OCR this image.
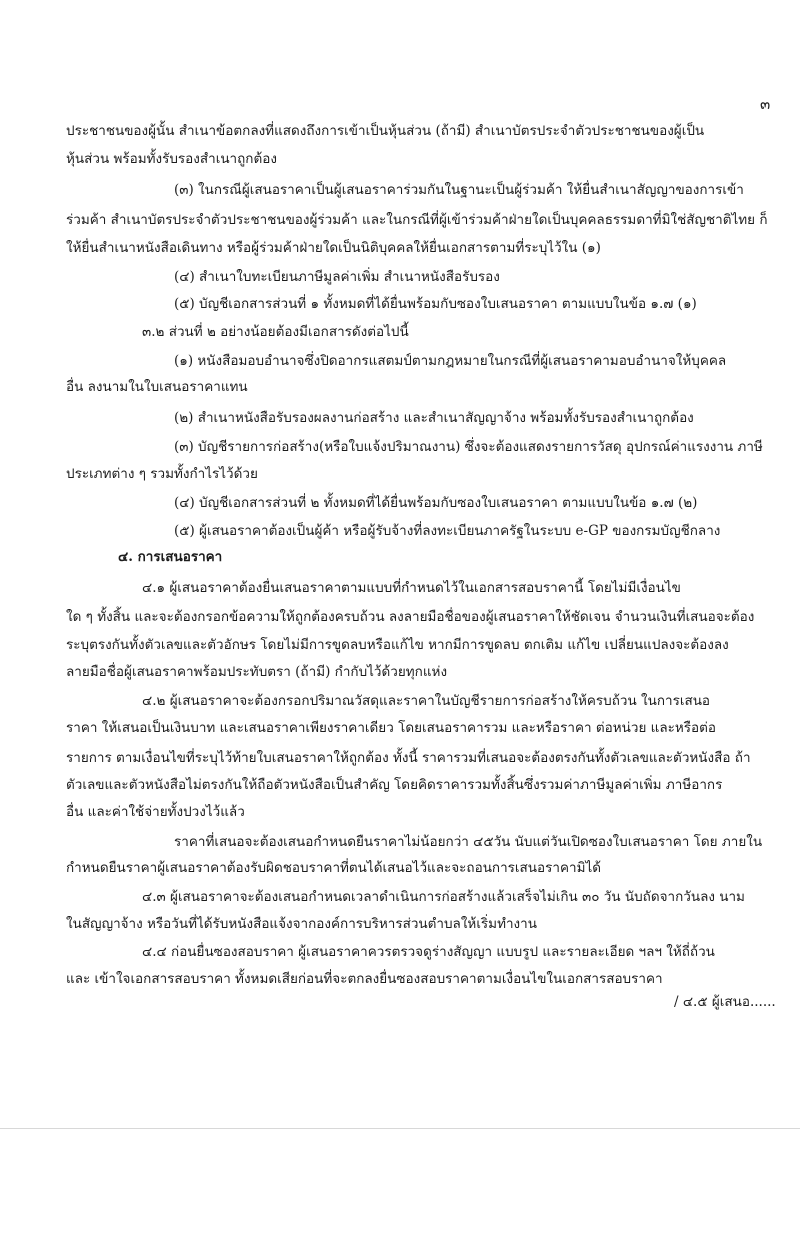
๓
ประชาชนของผู้นั้น สำเนาข้อตกลงที่แสดงถึงการเข้าเป็นหุ้นส่วน (ถ้ามี) สำเนาบัตรประจำตัวประชาชนของผู้เป็น
หุ้นส่วน พร้อมทั้งรับรองสำเนาถูกต้อง
(๓) ในกรณีผู้เสนอราคาเป็นผู้เสนอราคาร่วมกันในฐานะเป็นผู้ร่วมค้า ให้ยื่นสำเนาสัญญาของการเข้า
ร่วมค้า สำเนาบัตรประจำตัวประชาชนของผู้ร่วมค้า และในกรณีที่ผู้เข้าร่วมค้าฝ่ายใดเป็นบุคคลธรรมดาที่มิใช่สัญชาติไทย ก็
ให้ยื่นสำเนาหนังสือเดินทาง หรือผู้ร่วมค้าฝ่ายใดเป็นนิติบุคคลให้ยื่นเอกสารตามที่ระบุไว้ใน (๑)
(๔) สำเนาใบทะเบียนภาษีมูลค่าเพิ่ม สำเนาหนังสือรับรอง
(๕) บัญชีเอกสารส่วนที่ ๑ ทั้งหมดที่ได้ยื่นพร้อมกับซองใบเสนอราคา ตามแบบในข้อ ๑.๗ (๑)
๓.๒ ส่วนที่ ๒ อย่างน้อยต้องมีเอกสารดังต่อไปนี้
(๑) หนังสือมอบอำนาจซึ่งปิดอากรแสตมป์ตามกฎหมายในกรณีที่ผู้เสนอราคามอบอำนาจให้บุคคล
อื่น ลงนามในใบเสนอราคาแทน
(๒) สำเนาหนังสือรับรองผลงานก่อสร้าง และสำเนาสัญญาจ้าง พร้อมทั้งรับรองสำเนาถูกต้อง
(๓) บัญชีรายการก่อสร้าง(หรือใบแจ้งปริมาณงาน) ซึ่งจะต้องแสดงรายการวัสดุ อุปกรณ์ค่าแรงงาน ภาษี
ประเภทต่าง ๆ รวมทั้งกำไรไว้ด้วย
(๔) บัญชีเอกสารส่วนที่ ๒ ทั้งหมดที่ได้ยื่นพร้อมกับซองใบเสนอราคา ตามแบบในข้อ ๑.๗ (๒)
(๕) ผู้เสนอราคาต้องเป็นผู้ค้า หรือผู้รับจ้างที่ลงทะเบียนภาครัฐในระบบ e-GP ของกรมบัญชีกลาง
๔. การเสนอราคา
๔.๑ ผู้เสนอราคาต้องยื่นเสนอราคาตามแบบที่กำหนดไว้ในเอกสารสอบราคานี้ โดยไม่มีเงื่อนไข
ใด ๆ ทั้งสิ้น และจะต้องกรอกข้อความให้ถูกต้องครบถ้วน ลงลายมือชื่อของผู้เสนอราคาให้ชัดเจน จำนวนเงินที่เสนอจะต้อง
ระบุตรงกันทั้งตัวเลขและตัวอักษร โดยไม่มีการขูดลบหรือแก้ไข หากมีการขูดลบ ตกเติม แก้ไข เปลี่ยนแปลงจะต้องลง
ลายมือชื่อผู้เสนอราคาพร้อมประทับตรา (ถ้ามี) กำกับไว้ด้วยทุกแห่ง
๔.๒ ผู้เสนอราคาจะต้องกรอกปริมาณวัสดุและราคาในบัญชีรายการก่อสร้างให้ครบถ้วน ในการเสนอ
ราคา ให้เสนอเป็นเงินบาท และเสนอราคาเพียงราคาเดียว โดยเสนอราคารวม และหรือราคา ต่อหน่วย และหรือต่อ
รายการ ตามเงื่อนไขที่ระบุไว้ท้ายใบเสนอราคาให้ถูกต้อง ทั้งนี้ ราคารวมที่เสนอจะต้องตรงกันทั้งตัวเลขและตัวหนังสือ ถ้า
ตัวเลขและตัวหนังสือไม่ตรงกันให้ถือตัวหนังสือเป็นสำคัญ โดยคิดราคารวมทั้งสิ้นซึ่งรวมค่าภาษีมูลค่าเพิ่ม ภาษีอากร
อื่น และค่าใช้จ่ายทั้งปวงไว้แล้ว
ราคาที่เสนอจะต้องเสนอกำหนดยืนราคาไม่น้อยกว่า ๔๕วัน นับแต่วันเปิดซองใบเสนอราคา โดย ภายใน
กำหนดยืนราคาผู้เสนอราคาต้องรับผิดชอบราคาที่ตนได้เสนอไว้และจะถอนการเสนอราคามิได้
๔.๓ ผู้เสนอราคาจะต้องเสนอกำหนดเวลาดำเนินการก่อสร้างแล้วเสร็จไม่เกิน ๓๐ วัน นับถัดจากวันลง นาม
ในสัญญาจ้าง หรือวันที่ได้รับหนังสือแจ้งจากองค์การบริหารส่วนตำบลให้เริ่มทำงาน
๔.๔ ก่อนยื่นซองสอบราคา ผู้เสนอราคาควรตรวจดูร่างสัญญา แบบรูป และรายละเอียด ฯลฯ ให้ถี่ถ้วน
และ เข้าใจเอกสารสอบราคา ทั้งหมดเสียก่อนที่จะตกลงยื่นซองสอบราคาตามเงื่อนไขในเอกสารสอบราคา
/ ๔.๕ ผู้เสนอ......
